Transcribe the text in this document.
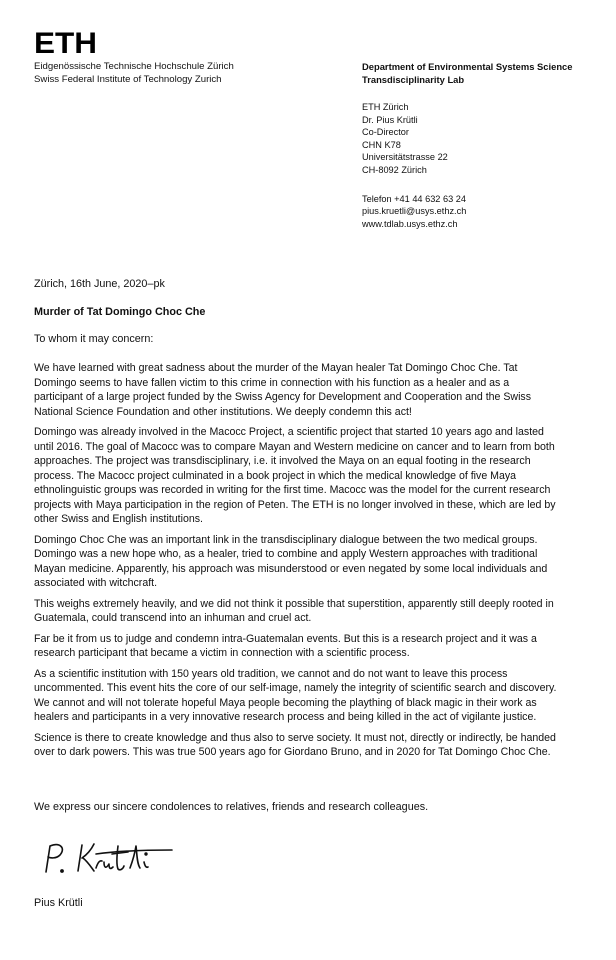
ETH
Eidgenössische Technische Hochschule Zürich
Swiss Federal Institute of Technology Zurich
Department of Environmental Systems Science
Transdisciplinarity Lab
ETH Zürich
Dr. Pius Krütli
Co-Director
CHN K78
Universitätstrasse 22
CH-8092 Zürich
Telefon +41 44 632 63 24
pius.kruetli@usys.ethz.ch
www.tdlab.usys.ethz.ch
Zürich, 16th June, 2020–pk
Murder of Tat Domingo Choc Che
To whom it may concern:
We have learned with great sadness about the murder of the Mayan healer Tat Domingo Choc Che. Tat
Domingo seems to have fallen victim to this crime in connection with his function as a healer and as a
participant of a large project funded by the Swiss Agency for Development and Cooperation and the Swiss
National Science Foundation and other institutions. We deeply condemn this act!
Domingo was already involved in the Macocc Project, a scientific project that started 10 years ago and lasted
until 2016. The goal of Macocc was to compare Mayan and Western medicine on cancer and to learn from both
approaches. The project was transdisciplinary, i.e. it involved the Maya on an equal footing in the research
process. The Macocc project culminated in a book project in which the medical knowledge of five Maya
ethnolinguistic groups was recorded in writing for the first time. Macocc was the model for the current research
projects with Maya participation in the region of Peten. The ETH is no longer involved in these, which are led by
other Swiss and English institutions.
Domingo Choc Che was an important link in the transdisciplinary dialogue between the two medical groups.
Domingo was a new hope who, as a healer, tried to combine and apply Western approaches with traditional
Mayan medicine. Apparently, his approach was misunderstood or even negated by some local individuals and
associated with witchcraft.
This weighs extremely heavily, and we did not think it possible that superstition, apparently still deeply rooted in
Guatemala, could transcend into an inhuman and cruel act.
Far be it from us to judge and condemn intra-Guatemalan events. But this is a research project and it was a
research participant that became a victim in connection with a scientific process.
As a scientific institution with 150 years old tradition, we cannot and do not want to leave this process
uncommented. This event hits the core of our self-image, namely the integrity of scientific search and discovery.
We cannot and will not tolerate hopeful Maya people becoming the plaything of black magic in their work as
healers and participants in a very innovative research process and being killed in the act of vigilante justice.
Science is there to create knowledge and thus also to serve society. It must not, directly or indirectly, be handed
over to dark powers. This was true 500 years ago for Giordano Bruno, and in 2020 for Tat Domingo Choc Che.
We express our sincere condolences to relatives, friends and research colleagues.
Pius Krütli
